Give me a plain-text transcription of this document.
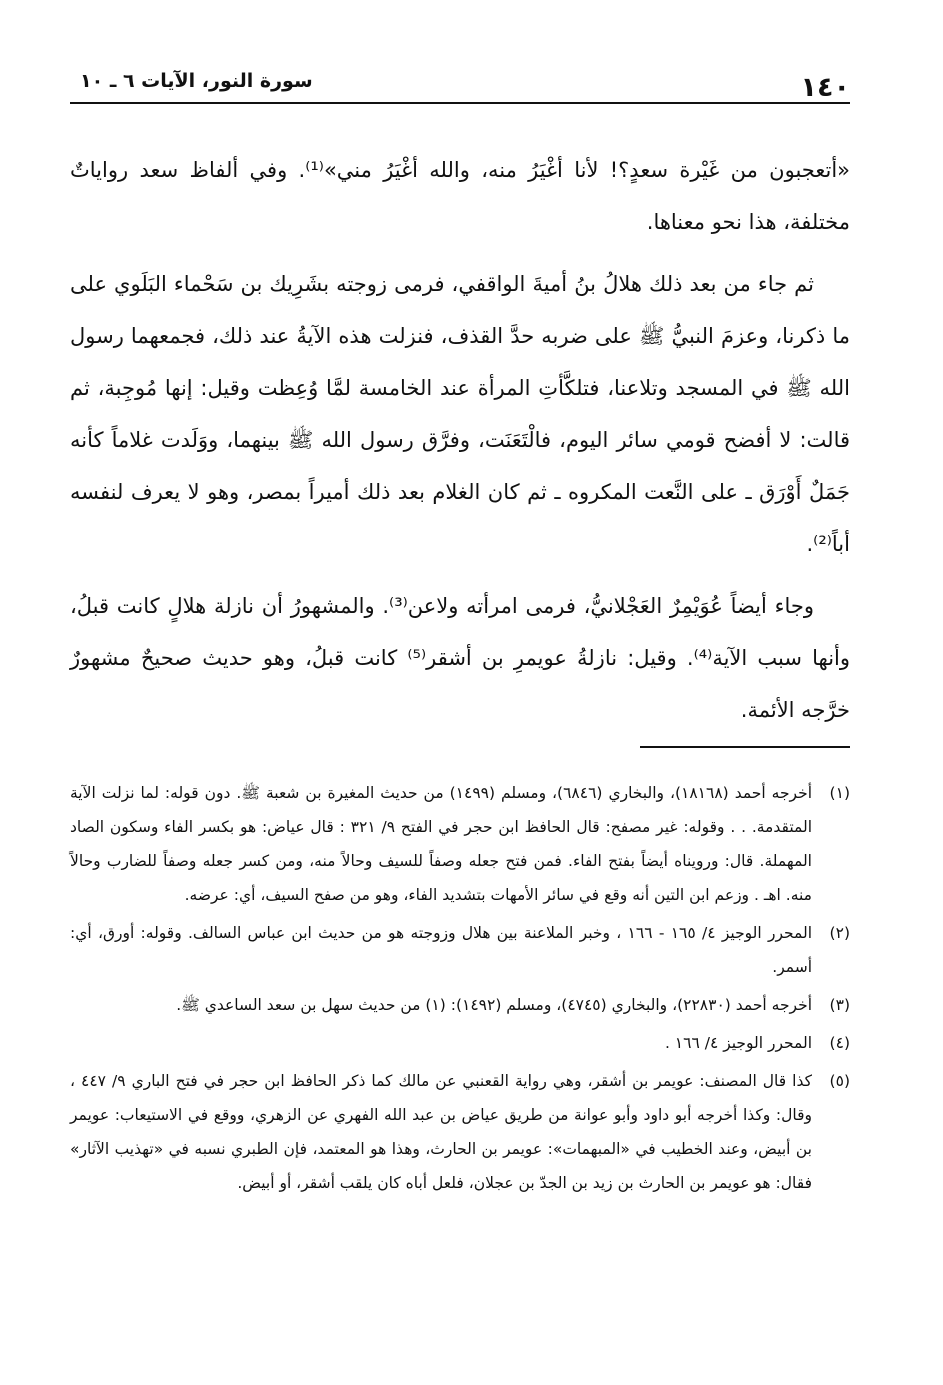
١٤٠
سورة النور، الآيات ٦ ـ ١٠

«أتعجبون من غَيْرة سعدٍ؟! لأنا أغْيَرُ منه، والله أغْيَرُ مني»⁽¹⁾. وفي ألفاظ سعد رواياتٌ مختلفة، هذا نحو معناها.

ثم جاء من بعد ذلك هلالُ بنُ أميةَ الواقفي، فرمى زوجته بشَرِيك بن سَحْماء البَلَوي على ما ذكرنا، وعزمَ النبيُّ ﷺ على ضربه حدَّ القذف، فنزلت هذه الآيةُ عند ذلك، فجمعهما رسول الله ﷺ في المسجد وتلاعنا، فتلكَّأتِ المرأة عند الخامسة لمَّا وُعِظت وقيل: إنها مُوجِبة، ثم قالت: لا أفضح قومي سائر اليوم، فالْتَعَنَت، وفرَّق رسول الله ﷺ بينهما، ووَلَدت غلاماً كأنه جَمَلٌ أَوْرَق ـ على النَّعت المكروه ـ ثم كان الغلام بعد ذلك أميراً بمصر، وهو لا يعرف لنفسه أباً⁽²⁾.

وجاء أيضاً عُوَيْمِرٌ العَجْلانيُّ، فرمى امرأته ولاعن⁽³⁾. والمشهورُ أن نازلة هلالٍ كانت قبلُ، وأنها سبب الآية⁽⁴⁾. وقيل: نازلةُ عويمرِ بن أشقر⁽⁵⁾ كانت قبلُ، وهو حديث صحيحٌ مشهورٌ خرَّجه الأئمة.

(١)
أخرجه أحمد (١٨١٦٨)، والبخاري (٦٨٤٦)، ومسلم (١٤٩٩) من حديث المغيرة بن شعبة ﷺ. دون قوله: لما نزلت الآية المتقدمة. . . وقوله: غير مصفح: قال الحافظ ابن حجر في الفتح ٩/ ٣٢١ : قال عياض: هو بكسر الفاء وسكون الصاد المهملة. قال: ورويناه أيضاً بفتح الفاء. فمن فتح جعله وصفاً للسيف وحالاً منه، ومن كسر جعله وصفاً للضارب وحالاً منه. اهـ . وزعم ابن التين أنه وقع في سائر الأمهات بتشديد الفاء، وهو من صفح السيف، أي: عرضه.
(٢)
المحرر الوجيز ٤/ ١٦٥ - ١٦٦ ، وخبر الملاعنة بين هلال وزوجته هو من حديث ابن عباس السالف. وقوله: أورق، أي: أسمر.
(٣)
أخرجه أحمد (٢٢٨٣٠)، والبخاري (٤٧٤٥)، ومسلم (١٤٩٢): (١) من حديث سهل بن سعد الساعدي ﷺ.
(٤)
المحرر الوجيز ٤/ ١٦٦ .
(٥)
كذا قال المصنف: عويمر بن أشقر، وهي رواية القعنبي عن مالك كما ذكر الحافظ ابن حجر في فتح الباري ٩/ ٤٤٧ ، وقال: وكذا أخرجه أبو داود وأبو عوانة من طريق عياض بن عبد الله الفهري عن الزهري، ووقع في الاستيعاب: عويمر بن أبيض، وعند الخطيب في «المبهمات»: عويمر بن الحارث، وهذا هو المعتمد، فإن الطبري نسبه في «تهذيب الآثار» فقال: هو عويمر بن الحارث بن زيد بن الجدّ بن عجلان، فلعل أباه كان يلقب أشقر، أو أبيض.
